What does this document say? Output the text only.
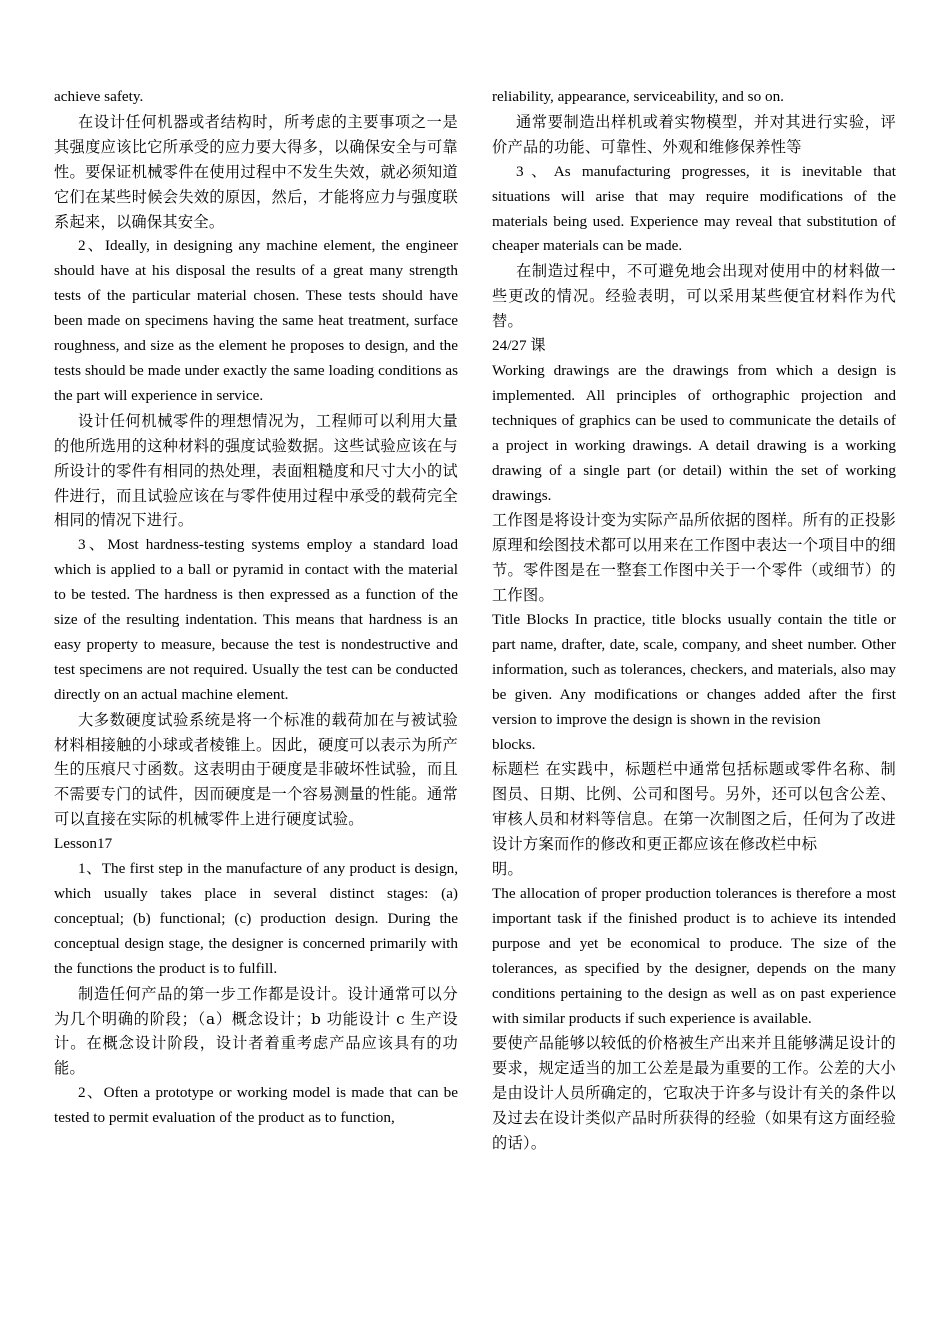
achieve safety.

在设计任何机器或者结构时，所考虑的主要事项之一是其强度应该比它所承受的应力要大得多，以确保安全与可靠性。要保证机械零件在使用过程中不发生失效，就必须知道它们在某些时候会失效的原因，然后，才能将应力与强度联系起来，以确保其安全。

2、Ideally, in designing any machine element, the engineer should have at his disposal the results of a great many strength tests of the particular material chosen. These tests should have been made on specimens having the same heat treatment, surface roughness, and size as the element he proposes to design, and the tests should be made under exactly the same loading conditions as the part will experience in service.

设计任何机械零件的理想情况为，工程师可以利用大量的他所选用的这种材料的强度试验数据。这些试验应该在与所设计的零件有相同的热处理，表面粗糙度和尺寸大小的试件进行，而且试验应该在与零件使用过程中承受的载荷完全相同的情况下进行。

3、Most hardness-testing systems employ a standard load which is applied to a ball or pyramid in contact with the material to be tested. The hardness is then expressed as a function of the size of the resulting indentation. This means that hardness is an easy property to measure, because the test is nondestructive and test specimens are not required. Usually the test can be conducted directly on an actual machine element.

大多数硬度试验系统是将一个标准的载荷加在与被试验材料相接触的小球或者棱锥上。因此，硬度可以表示为所产生的压痕尺寸函数。这表明由于硬度是非破坏性试验，而且不需要专门的试件，因而硬度是一个容易测量的性能。通常可以直接在实际的机械零件上进行硬度试验。

Lesson17

1、The first step in the manufacture of any product is design, which usually takes place in several distinct stages: (a) conceptual; (b) functional; (c) production design. During the conceptual design stage, the designer is concerned primarily with the functions the product is to fulfill.

制造任何产品的第一步工作都是设计。设计通常可以分为几个明确的阶段；（a）概念设计；b 功能设计 c 生产设计。在概念设计阶段，设计者着重考虑产品应该具有的功能。

2、Often a prototype or working model is made that can be tested to permit evaluation of the product as to function,

reliability, appearance, serviceability, and so on.

通常要制造出样机或着实物模型，并对其进行实验，评价产品的功能、可靠性、外观和维修保养性等

3、As manufacturing progresses, it is inevitable that situations will arise that may require modifications of the materials being used. Experience may reveal that substitution of cheaper materials can be made.

在制造过程中，不可避免地会出现对使用中的材料做一些更改的情况。经验表明，可以采用某些便宜材料作为代替。

24/27 课

Working drawings are the drawings from which a design is implemented. All principles of orthographic projection and techniques of graphics can be used to communicate the details of a project in working drawings. A detail drawing is a working drawing of a single part (or detail) within the set of working drawings.

工作图是将设计变为实际产品所依据的图样。所有的正投影原理和绘图技术都可以用来在工作图中表达一个项目中的细节。零件图是在一整套工作图中关于一个零件（或细节）的工作图。

Title Blocks In practice, title blocks usually contain the title or part name, drafter, date, scale, company, and sheet number. Other information, such as tolerances, checkers, and materials, also may be given. Any modifications or changes added after the first version to improve the design is shown in the revision

blocks.

标题栏 在实践中，标题栏中通常包括标题或零件名称、制图员、日期、比例、公司和图号。另外，还可以包含公差、审核人员和材料等信息。在第一次制图之后，任何为了改进设计方案而作的修改和更正都应该在修改栏中标

明。

The allocation of proper production tolerances is therefore a most important task if the finished product is to achieve its intended purpose and yet be economical to produce. The size of the tolerances, as specified by the designer, depends on the many conditions pertaining to the design as well as on past experience with similar products if such experience is available.

要使产品能够以较低的价格被生产出来并且能够满足设计的要求，规定适当的加工公差是最为重要的工作。公差的大小是由设计人员所确定的，它取决于许多与设计有关的条件以及过去在设计类似产品时所获得的经验（如果有这方面经验的话）。
